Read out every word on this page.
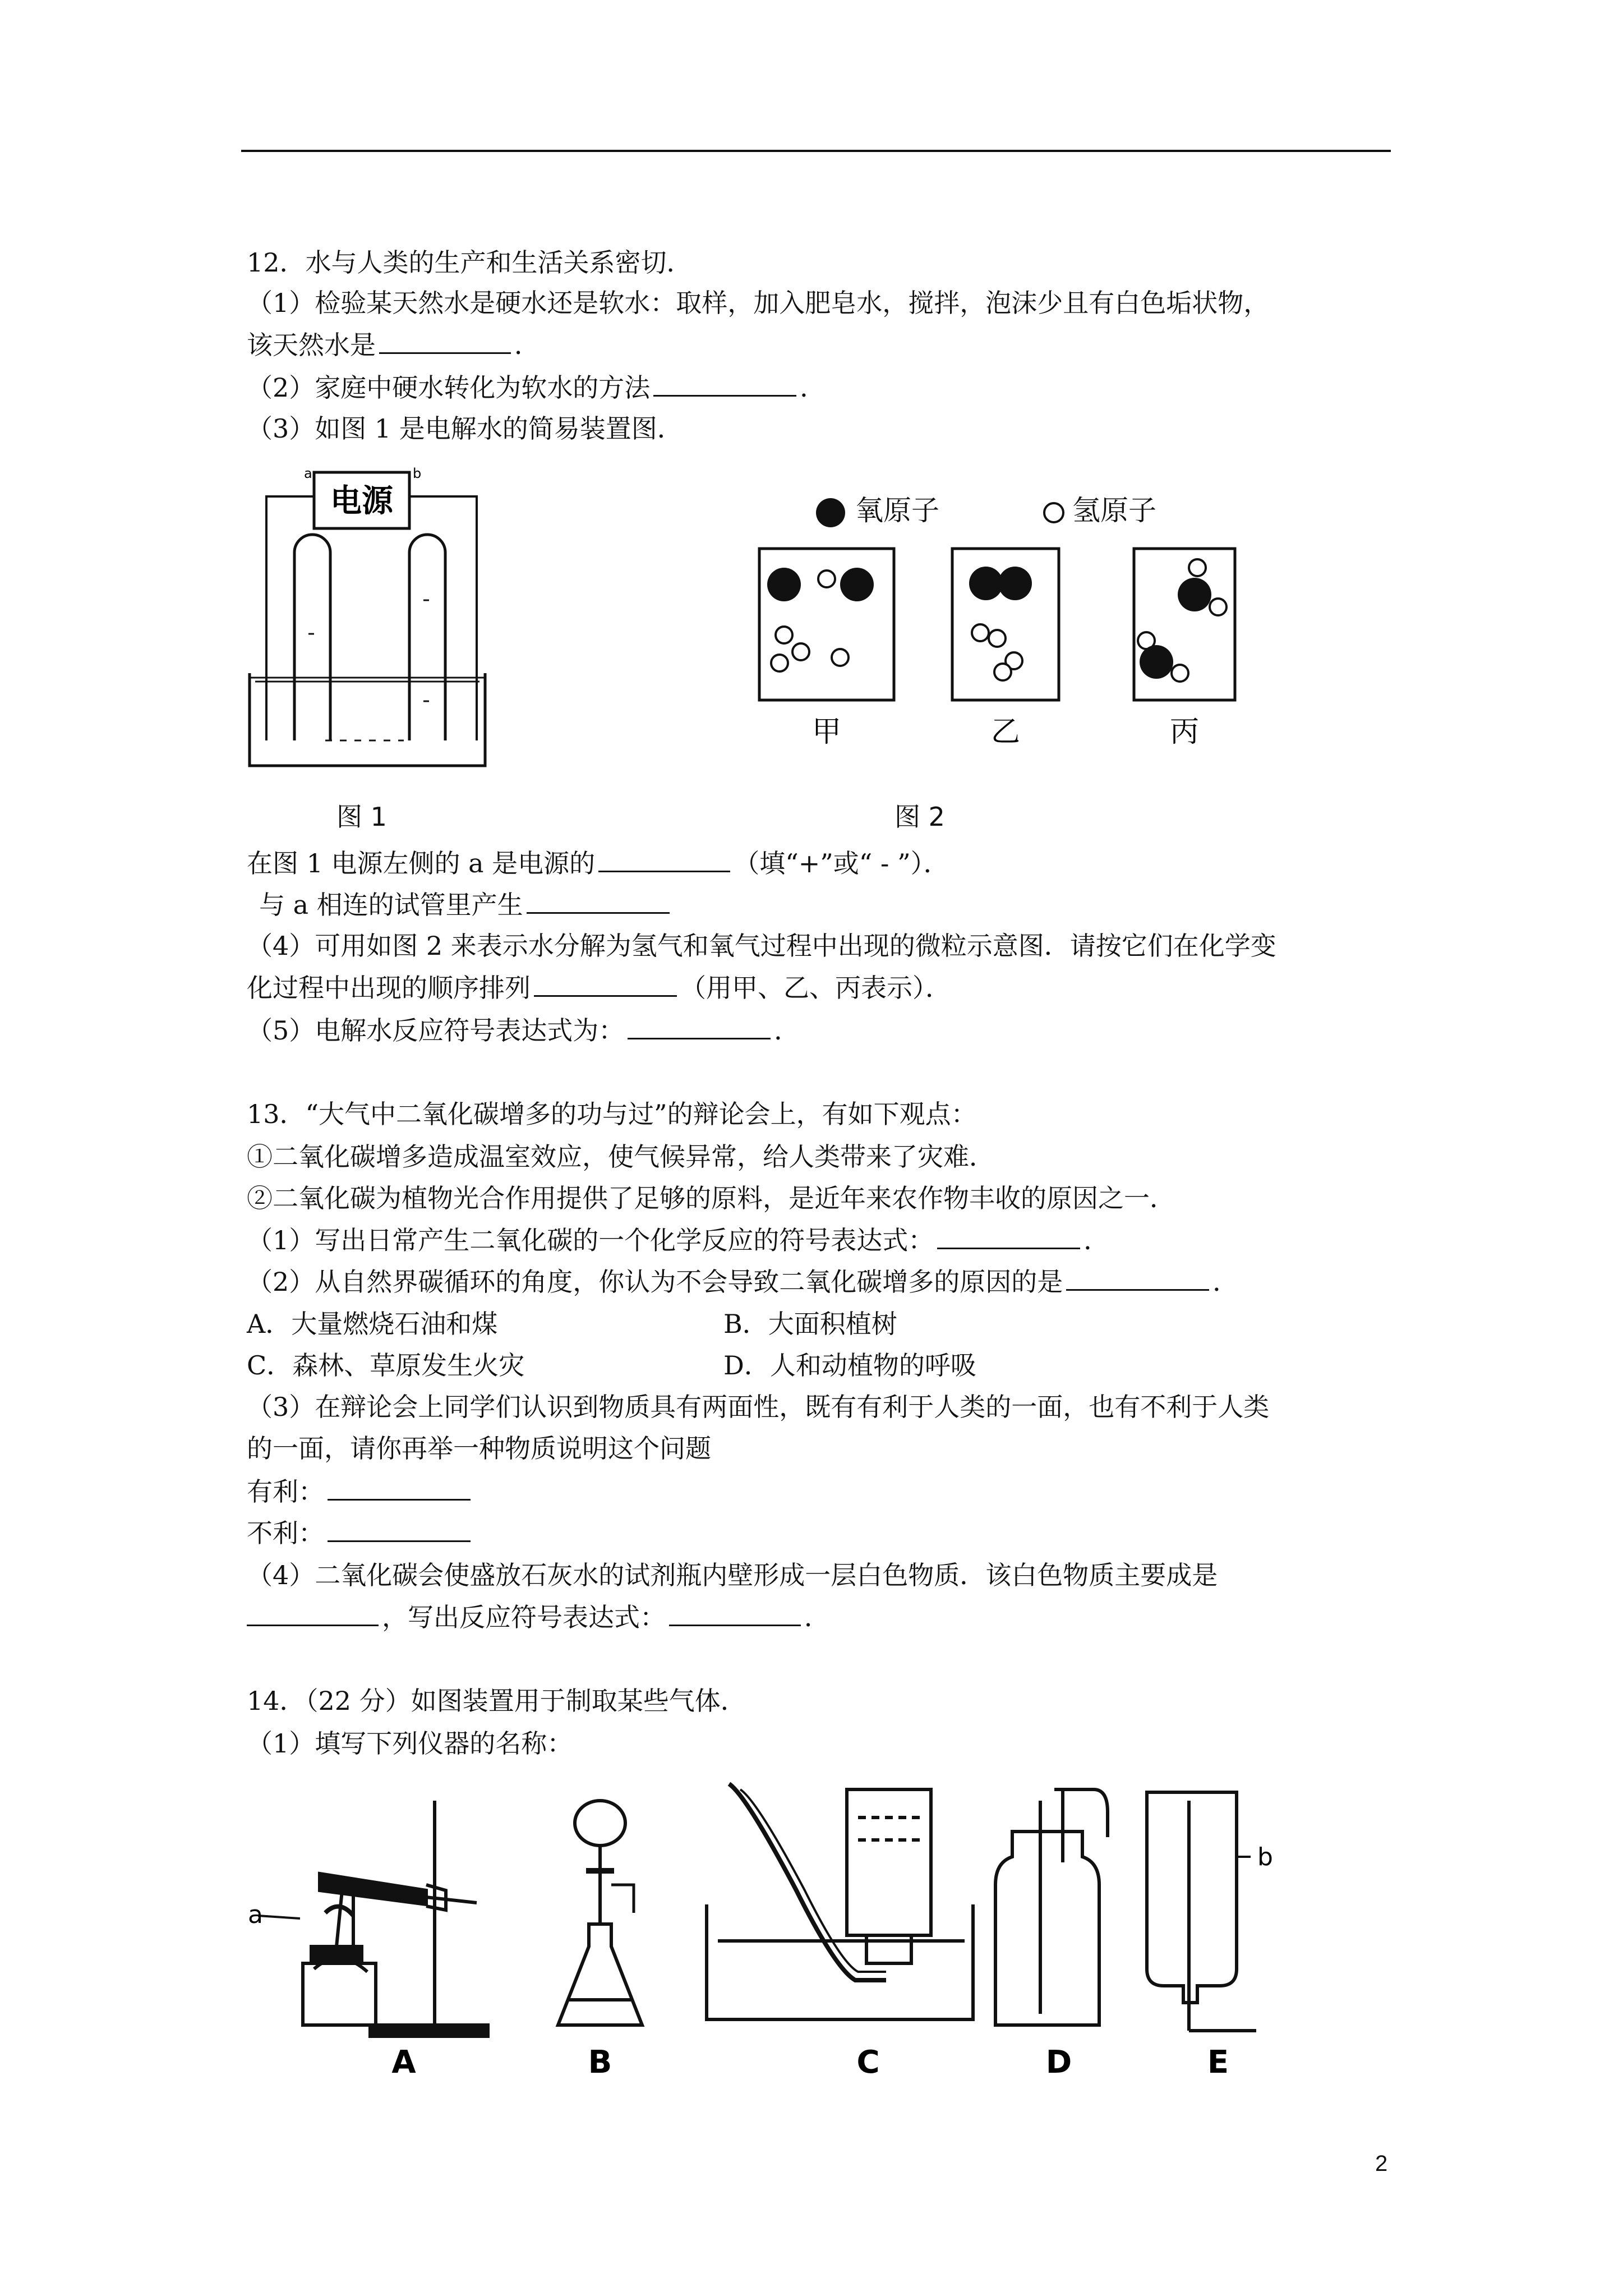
12．水与人类的生产和生活关系密切．
（1）检验某天然水是硬水还是软水：取样，加入肥皂水，搅拌，泡沫少且有白色垢状物，
该天然水是	．
（2）家庭中硬水转化为软水的方法	．
（3）如图 1 是电解水的简易装置图．
电源
a	b
图 1
氧原子	氢原子
甲	乙	丙
图 2
在图 1 电源左侧的 a 是电源的	（填“+”或“ - ”）．
与 a 相连的试管里产生
（4）可用如图 2 来表示水分解为氢气和氧气过程中出现的微粒示意图．请按它们在化学变
化过程中出现的顺序排列	（用甲、乙、丙表示）．
（5）电解水反应符号表达式为：	．
13．“大气中二氧化碳增多的功与过”的辩论会上，有如下观点：
①二氧化碳增多造成温室效应，使气候异常，给人类带来了灾难．
②二氧化碳为植物光合作用提供了足够的原料，是近年来农作物丰收的原因之一．
（1）写出日常产生二氧化碳的一个化学反应的符号表达式：	．
（2）从自然界碳循环的角度，你认为不会导致二氧化碳增多的原因的是	．
A．大量燃烧石油和煤	B．大面积植树
C．森林、草原发生火灾	D．人和动植物的呼吸
（3）在辩论会上同学们认识到物质具有两面性，既有有利于人类的一面，也有不利于人类
的一面，请你再举一种物质说明这个问题
有利：
不利：
（4）二氧化碳会使盛放石灰水的试剂瓶内壁形成一层白色物质．该白色物质主要成是
，写出反应符号表达式：	．
14．（22 分）如图装置用于制取某些气体．
（1）填写下列仪器的名称：
a
A	B	C	D
b
E
2
